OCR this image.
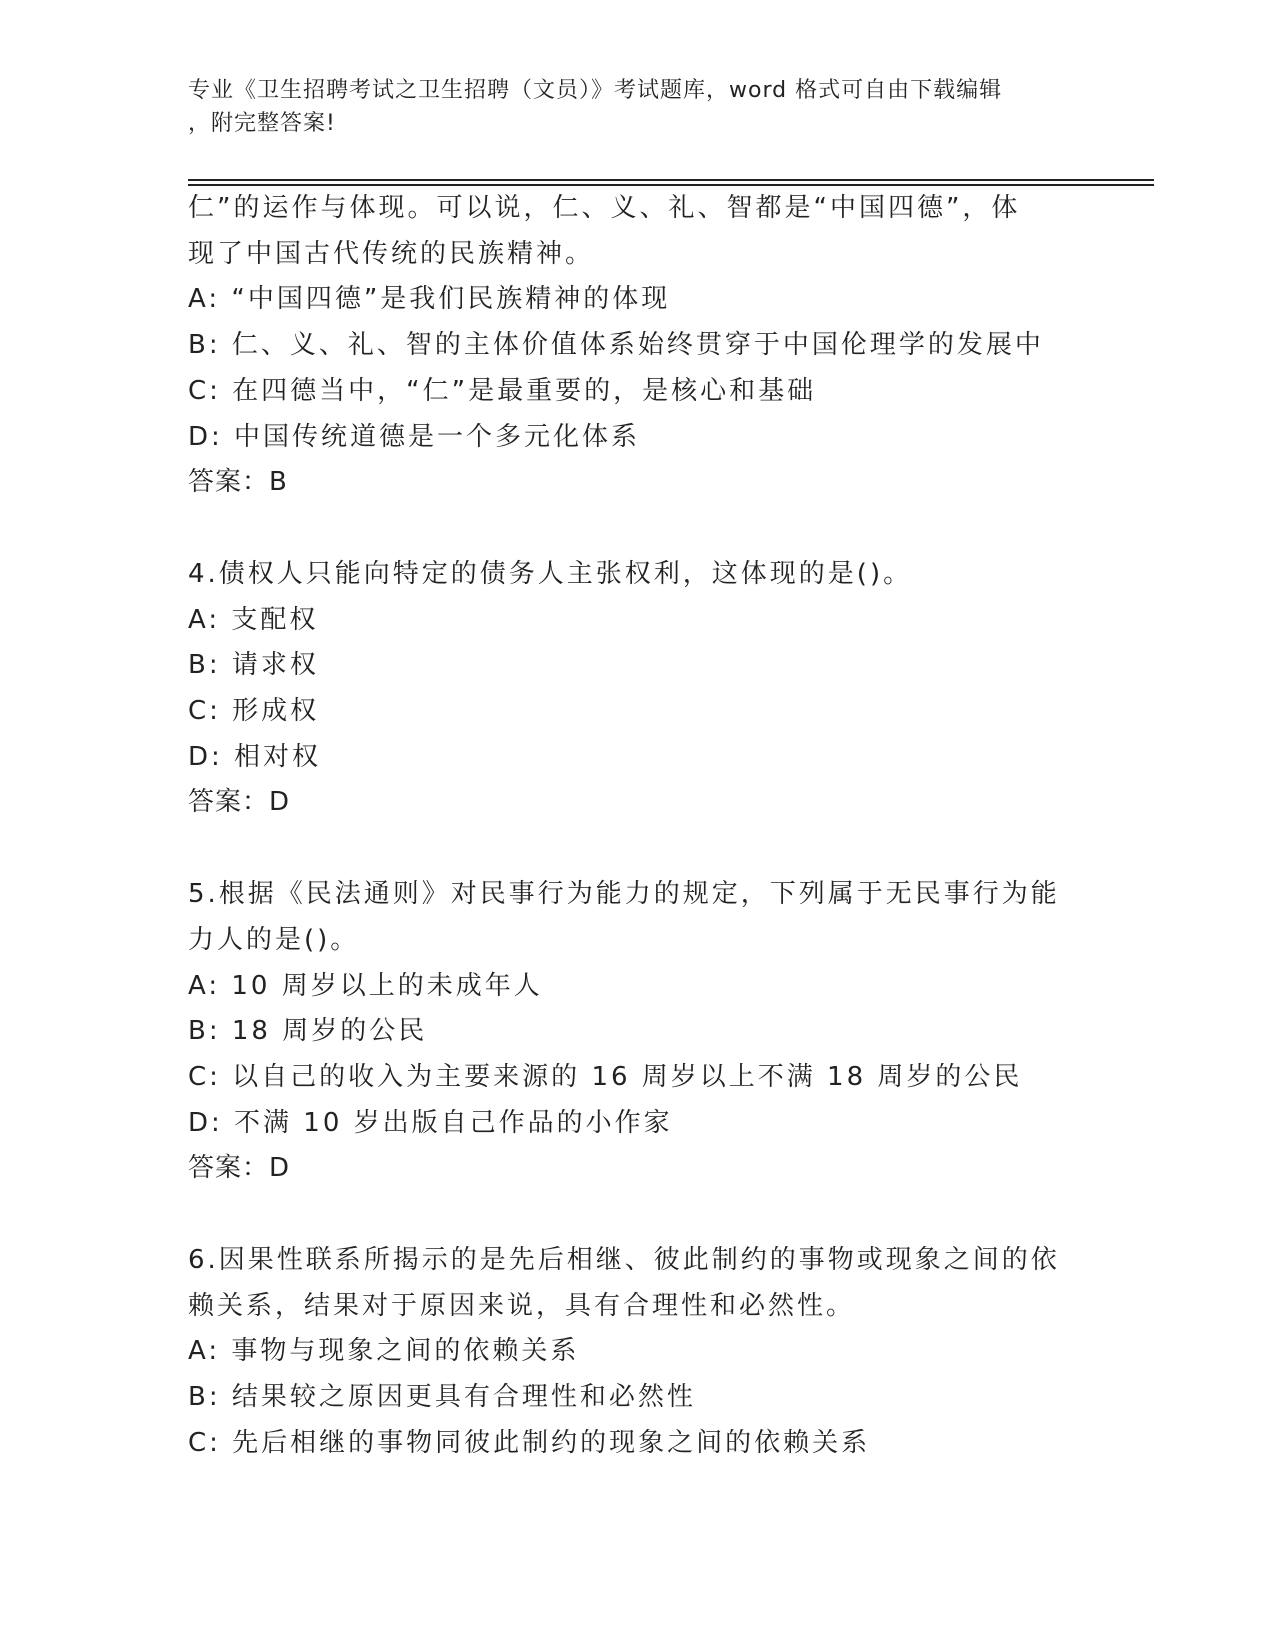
专业《卫生招聘考试之卫生招聘（文员）》考试题库，word 格式可自由下载编辑
，附完整答案!
仁”的运作与体现。可以说，仁、义、礼、智都是“中国四德”，体
现了中国古代传统的民族精神。
A: “中国四德”是我们民族精神的体现
B: 仁、义、礼、智的主体价值体系始终贯穿于中国伦理学的发展中
C: 在四德当中，“仁”是最重要的，是核心和基础
D: 中国传统道德是一个多元化体系
答案：B
4.债权人只能向特定的债务人主张权利，这体现的是()。
A: 支配权
B: 请求权
C: 形成权
D: 相对权
答案：D
5.根据《民法通则》对民事行为能力的规定，下列属于无民事行为能
力人的是()。
A: 10 周岁以上的未成年人
B: 18 周岁的公民
C: 以自己的收入为主要来源的 16 周岁以上不满 18 周岁的公民
D: 不满 10 岁出版自己作品的小作家
答案：D
6.因果性联系所揭示的是先后相继、彼此制约的事物或现象之间的依
赖关系，结果对于原因来说，具有合理性和必然性。
A: 事物与现象之间的依赖关系
B: 结果较之原因更具有合理性和必然性
C: 先后相继的事物同彼此制约的现象之间的依赖关系
